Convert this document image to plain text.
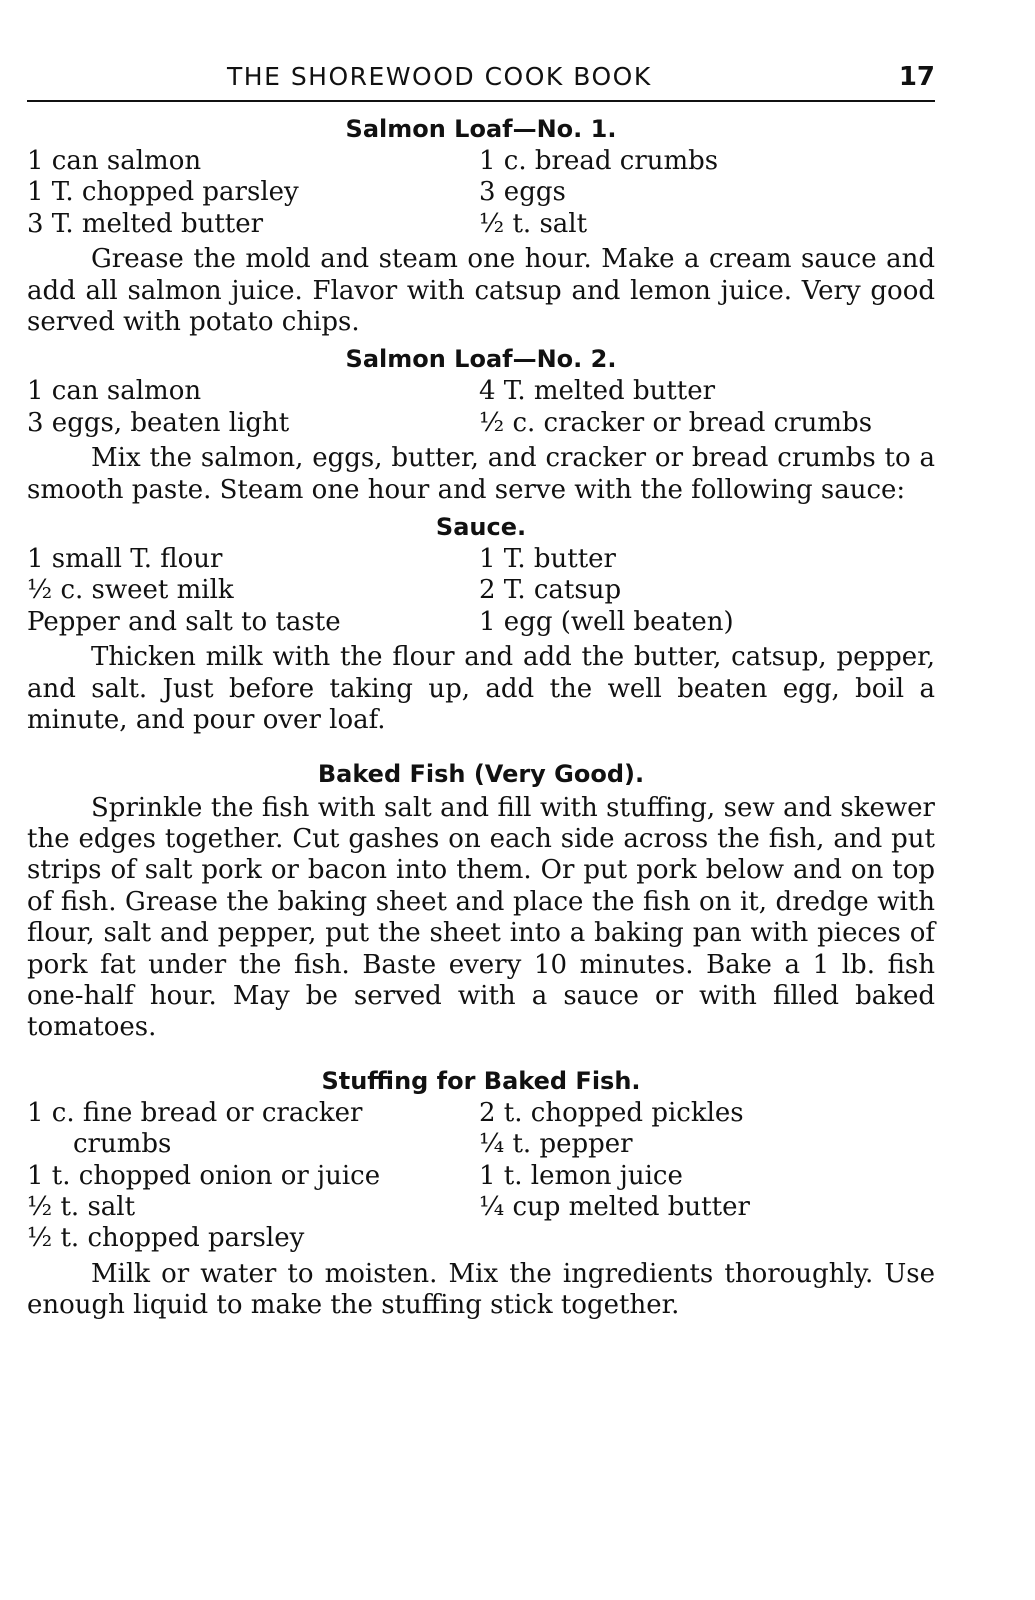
THE SHOREWOOD COOK BOOK	17
Salmon Loaf—No. 1.
1 can salmon	1 c. bread crumbs
1 T. chopped parsley	3 eggs
3 T. melted butter	½ t. salt

Grease the mold and steam one hour. Make a cream sauce and add all salmon juice. Flavor with catsup and lemon juice. Very good served with potato chips.

Salmon Loaf—No. 2.
1 can salmon	4 T. melted butter
3 eggs, beaten light	½ c. cracker or bread crumbs

Mix the salmon, eggs, butter, and cracker or bread crumbs to a smooth paste. Steam one hour and serve with the following sauce:

Sauce.
1 small T. flour	1 T. butter
½ c. sweet milk	2 T. catsup
Pepper and salt to taste	1 egg (well beaten)

Thicken milk with the flour and add the butter, catsup, pepper, and salt. Just before taking up, add the well beaten egg, boil a minute, and pour over loaf.

Baked Fish (Very Good).

Sprinkle the fish with salt and fill with stuffing, sew and skewer the edges together. Cut gashes on each side across the fish, and put strips of salt pork or bacon into them. Or put pork below and on top of fish. Grease the baking sheet and place the fish on it, dredge with flour, salt and pepper, put the sheet into a baking pan with pieces of pork fat under the fish. Baste every 10 minutes. Bake a 1 lb. fish one-half hour. May be served with a sauce or with filled baked tomatoes.

Stuffing for Baked Fish.
1 c. fine bread or cracker	2 t. chopped pickles
crumbs	¼ t. pepper
1 t. chopped onion or juice	1 t. lemon juice
½ t. salt	¼ cup melted butter
½ t. chopped parsley

Milk or water to moisten. Mix the ingredients thoroughly. Use enough liquid to make the stuffing stick together.
